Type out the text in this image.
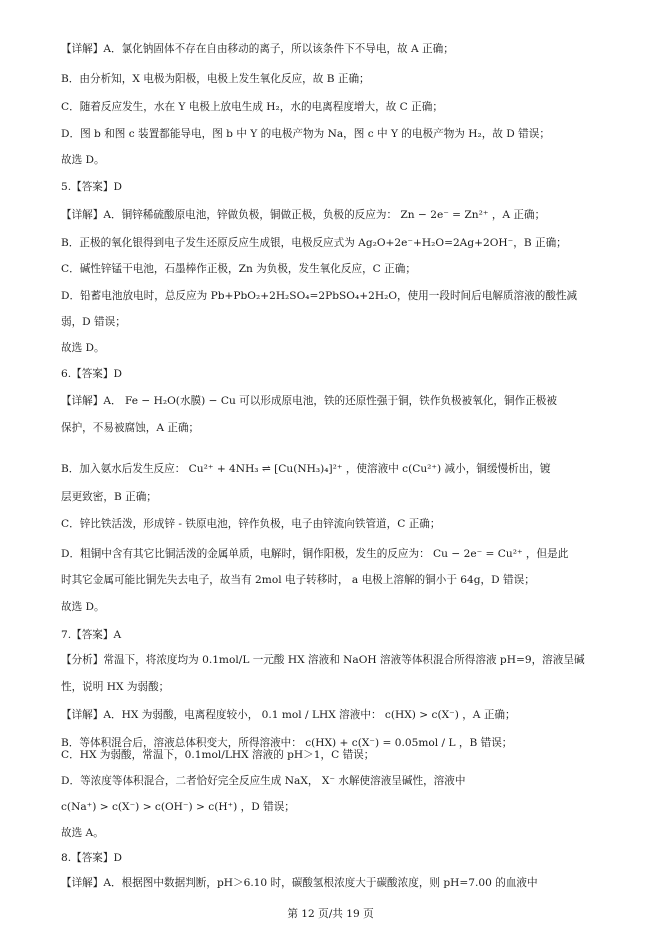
【详解】A．氯化钠固体不存在自由移动的离子，所以该条件下不导电，故 A 正确；
B．由分析知，X 电极为阳极，电极上发生氧化反应，故 B 正确；
C．随着反应发生，水在 Y 电极上放电生成 H₂，水的电离程度增大，故 C 正确；
D．图 b 和图 c 装置都能导电，图 b 中 Y 的电极产物为 Na，图 c 中 Y 的电极产物为 H₂，故 D 错误；
故选 D。
5.【答案】D
【详解】A．铜锌稀硫酸原电池，锌做负极，铜做正极，负极的反应为： Zn − 2e⁻ = Zn²⁺ ，A 正确；
B．正极的氧化银得到电子发生还原反应生成银，电极反应式为 Ag₂O+2e⁻+H₂O=2Ag+2OH⁻，B 正确；
C．碱性锌锰干电池，石墨棒作正极，Zn 为负极，发生氧化反应，C 正确；
D．铅蓄电池放电时，总反应为 Pb+PbO₂+2H₂SO₄=2PbSO₄+2H₂O，使用一段时间后电解质溶液的酸性减
弱，D 错误；
故选 D。
6.【答案】D
【详解】A． Fe − H₂O(水膜) − Cu 可以形成原电池，铁的还原性强于铜，铁作负极被氧化，铜作正极被
保护，不易被腐蚀，A 正确；
B．加入氨水后发生反应： Cu²⁺ + 4NH₃ ⇌ [Cu(NH₃)₄]²⁺ ，使溶液中 c(Cu²⁺) 减小，铜缓慢析出，镀
层更致密，B 正确；
C．锌比铁活泼，形成锌 - 铁原电池，锌作负极，电子由锌流向铁管道，C 正确；
D．粗铜中含有其它比铜活泼的金属单质，电解时，铜作阳极，发生的反应为： Cu − 2e⁻ = Cu²⁺ ，但是此
时其它金属可能比铜先失去电子，故当有 2mol 电子转移时， a 电极上溶解的铜小于 64g，D 错误；
故选 D。
7.【答案】A
【分析】常温下，将浓度均为 0.1mol/L 一元酸 HX 溶液和 NaOH 溶液等体积混合所得溶液 pH=9，溶液呈碱
性，说明 HX 为弱酸；
【详解】A．HX 为弱酸，电离程度较小， 0.1 mol / LHX 溶液中： c(HX) > c(X⁻) ，A 正确；
B．等体积混合后，溶液总体积变大，所得溶液中： c(HX) + c(X⁻) = 0.05mol / L ，B 错误；
C．HX 为弱酸，常温下，0.1mol/LHX 溶液的 pH＞1，C 错误；
D．等浓度等体积混合，二者恰好完全反应生成 NaX， X⁻ 水解使溶液呈碱性，溶液中
c(Na⁺) > c(X⁻) > c(OH⁻) > c(H⁺) ，D 错误；
故选 A。
8.【答案】D
第 12 页/共 19 页
【详解】A．根据图中数据判断，pH＞6.10 时，碳酸氢根浓度大于碳酸浓度，则 pH=7.00 的血液中
